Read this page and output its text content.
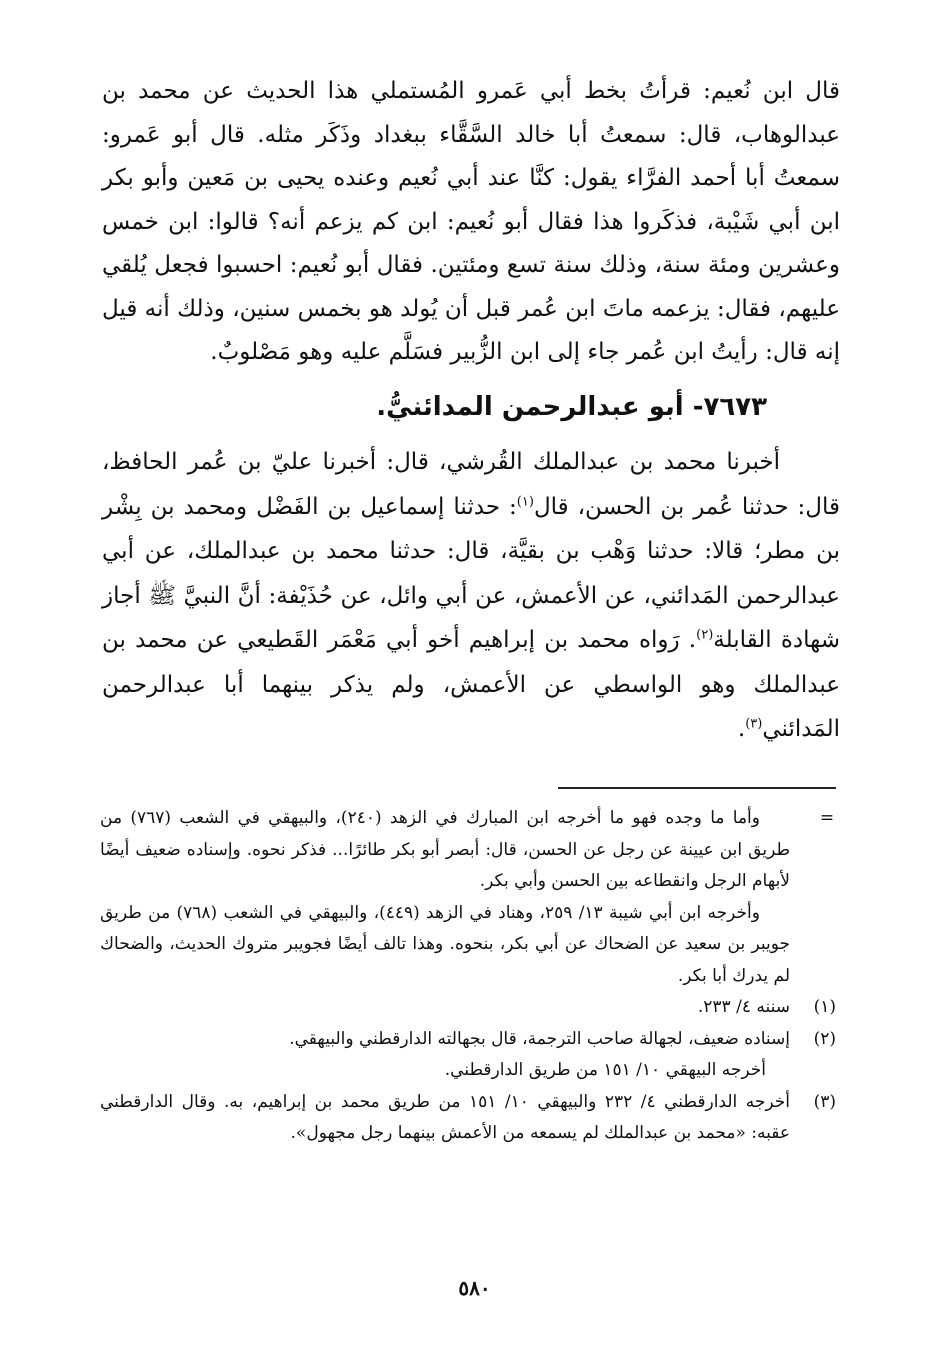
قال ابن نُعيم: قرأتُ بخط أبي عَمرو المُستملي هذا الحديث عن محمد بن عبدالوهاب، قال: سمعتُ أبا خالد السَّقَّاء ببغداد وذَكَر مثله. قال أبو عَمرو: سمعتُ أبا أحمد الفرَّاء يقول: كنَّا عند أبي نُعيم وعنده يحيى بن مَعين وأبو بكر ابن أبي شَيْبة، فذكَروا هذا فقال أبو نُعيم: ابن كم يزعم أنه؟ قالوا: ابن خمس وعشرين ومئة سنة، وذلك سنة تسع ومئتين. فقال أبو نُعيم: احسبوا فجعل يُلقي عليهم، فقال: يزعمه ماتَ ابن عُمر قبل أن يُولد هو بخمس سنين، وذلك أنه قيل إنه قال: رأيتُ ابن عُمر جاء إلى ابن الزُّبير فسَلَّم عليه وهو مَصْلوبٌ.

٧٦٧٣- أبو عبدالرحمن المدائنيُّ.
أخبرنا محمد بن عبدالملك القُرشي، قال: أخبرنا عليّ بن عُمر الحافظ، قال: حدثنا عُمر بن الحسن، قال$^{(١)}$: حدثنا إسماعيل بن الفَضْل ومحمد بن بِشْر بن مطر؛ قالا: حدثنا وَهْب بن بقيَّة، قال: حدثنا محمد بن عبدالملك، عن أبي عبدالرحمن المَدائني، عن الأعمش، عن أبي وائل، عن حُذَيْفة: أنَّ النبيَّ ﷺ أجاز شهادة القابلة$^{(٢)}$. رَواه محمد بن إبراهيم أخو أبي مَعْمَر القَطيعي عن محمد بن عبدالملك وهو الواسطي عن الأعمش، ولم يذكر بينهما أبا عبدالرحمن المَدائني$^{(٣)}$.
=
وأما ما وجده فهو ما أخرجه ابن المبارك في الزهد (٢٤٠)، والبيهقي في الشعب (٧٦٧) من طريق ابن عيينة عن رجل عن الحسن، قال: أبصر أبو بكر طائرًا... فذكر نحوه. وإسناده ضعيف أيضًا لأبهام الرجل وانقطاعه بين الحسن وأبي بكر.
وأخرجه ابن أبي شيبة ١٣/ ٢٥٩، وهناد في الزهد (٤٤٩)، والبيهقي في الشعب (٧٦٨) من طريق جويبر بن سعيد عن الضحاك عن أبي بكر، بنحوه. وهذا تالف أيضًا فجويبر متروك الحديث، والضحاك لم يدرك أبا بكر.
(١)
سننه ٤/ ٢٣٣.
(٢)
إسناده ضعيف، لجهالة صاحب الترجمة، قال بجهالته الدارقطني والبيهقي.
أخرجه البيهقي ١٠/ ١٥١ من طريق الدارقطني.
(٣)
أخرجه الدارقطني ٤/ ٢٣٢ والبيهقي ١٠/ ١٥١ من طريق محمد بن إبراهيم، به. وقال الدارقطني عقبه: «محمد بن عبدالملك لم يسمعه من الأعمش بينهما رجل مجهول».
٥٨٠
